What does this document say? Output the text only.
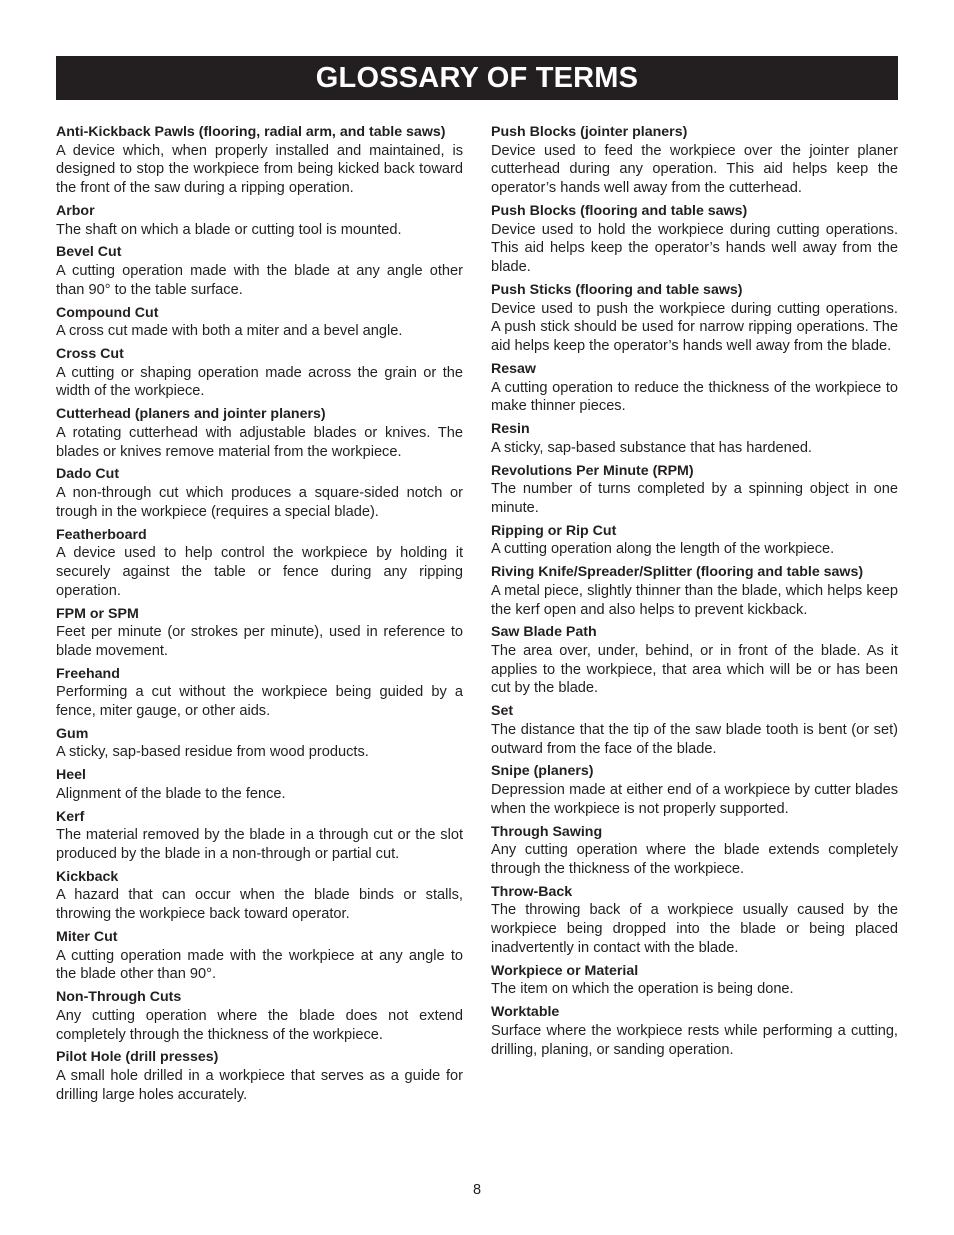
GLOSSARY OF TERMS
Anti-Kickback Pawls (flooring, radial arm, and table saws)
A device which, when properly installed and maintained, is designed to stop the workpiece from being kicked back toward the front of the saw during a ripping operation.
Arbor
The shaft on which a blade or cutting tool is mounted.
Bevel Cut
A cutting operation made with the blade at any angle other than 90° to the table surface.
Compound Cut
A cross cut made with both a miter and a bevel angle.
Cross Cut
A cutting or shaping operation made across the grain or the width of the workpiece.
Cutterhead (planers and jointer planers)
A rotating cutterhead with adjustable blades or knives. The blades or knives remove material from the workpiece.
Dado Cut
A non-through cut which produces a square-sided notch or trough in the workpiece (requires a special blade).
Featherboard
A device used to help control the workpiece by holding it securely against the table or fence during any ripping operation.
FPM or SPM
Feet per minute (or strokes per minute), used in reference to blade movement.
Freehand
Performing a cut without the workpiece being guided by a fence, miter gauge, or other aids.
Gum
A sticky, sap-based residue from wood products.
Heel
Alignment of the blade to the fence.
Kerf
The material removed by the blade in a through cut or the slot produced by the blade in a non-through or partial cut.
Kickback
A hazard that can occur when the blade binds or stalls, throwing the workpiece back toward operator.
Miter Cut
A cutting operation made with the workpiece at any angle to the blade other than 90°.
Non-Through Cuts
Any cutting operation where the blade does not extend completely through the thickness of the workpiece.
Pilot Hole (drill presses)
A small hole drilled in a workpiece that serves as a guide for drilling large holes accurately.
Push Blocks (jointer planers)
Device used to feed the workpiece over the jointer planer cutterhead during any operation. This aid helps keep the operator’s hands well away from the cutterhead.
Push Blocks (flooring and table saws)
Device used to hold the workpiece during cutting operations. This aid helps keep the operator’s hands well away from the blade.
Push Sticks (flooring and table saws)
Device used to push the workpiece during cutting operations. A push stick should be used for narrow ripping operations. The aid helps keep the operator’s hands well away from the blade.
Resaw
A cutting operation to reduce the thickness of the workpiece to make thinner pieces.
Resin
A sticky, sap-based substance that has hardened.
Revolutions Per Minute (RPM)
The number of turns completed by a spinning object in one minute.
Ripping or Rip Cut
A cutting operation along the length of the workpiece.
Riving Knife/Spreader/Splitter (flooring and table saws)
A metal piece, slightly thinner than the blade, which helps keep the kerf open and also helps to prevent kickback.
Saw Blade Path
The area over, under, behind, or in front of the blade. As it applies to the workpiece, that area which will be or has been cut by the blade.
Set
The distance that the tip of the saw blade tooth is bent (or set) outward from the face of the blade.
Snipe (planers)
Depression made at either end of a workpiece by cutter blades when the workpiece is not properly supported.
Through Sawing
Any cutting operation where the blade extends completely through the thickness of the workpiece.
Throw-Back
The throwing back of a workpiece usually caused by the workpiece being dropped into the blade or being placed inadvertently in contact with the blade.
Workpiece or Material
The item on which the operation is being done.
Worktable
Surface where the workpiece rests while performing a cutting, drilling, planing, or sanding operation.
8
